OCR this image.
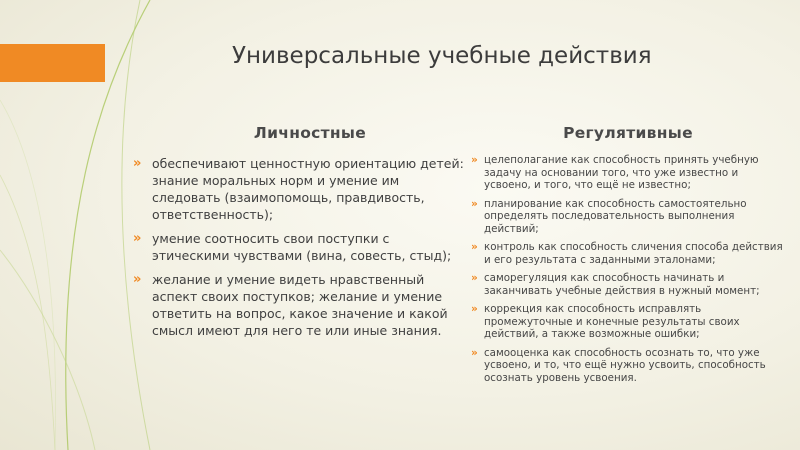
Универсальные учебные действия
Личностные	Регулятивные
» обеспечивают ценностную ориентацию детей: знание моральных норм и умение им следовать (взаимопомощь, правдивость, ответственность);
» умение соотносить свои поступки с этическими чувствами (вина, совесть, стыд);
» желание и умение видеть нравственный аспект своих поступков; желание и умение ответить на вопрос, какое значение и какой смысл имеют для него те или иные знания.
» целеполагание как способность принять учебную задачу на основании того, что уже известно и усвоено, и того, что ещё не известно;
» планирование как способность самостоятельно определять последовательность выполнения действий;
» контроль как способность сличения способа действия и его результата с заданными эталонами;
» саморегуляция как способность начинать и заканчивать учебные действия в нужный момент;
» коррекция как способность исправлять промежуточные и конечные результаты своих действий, а также возможные ошибки;
» самооценка как способность осознать то, что уже усвоено, и то, что ещё нужно усвоить, способность осознать уровень усвоения.
